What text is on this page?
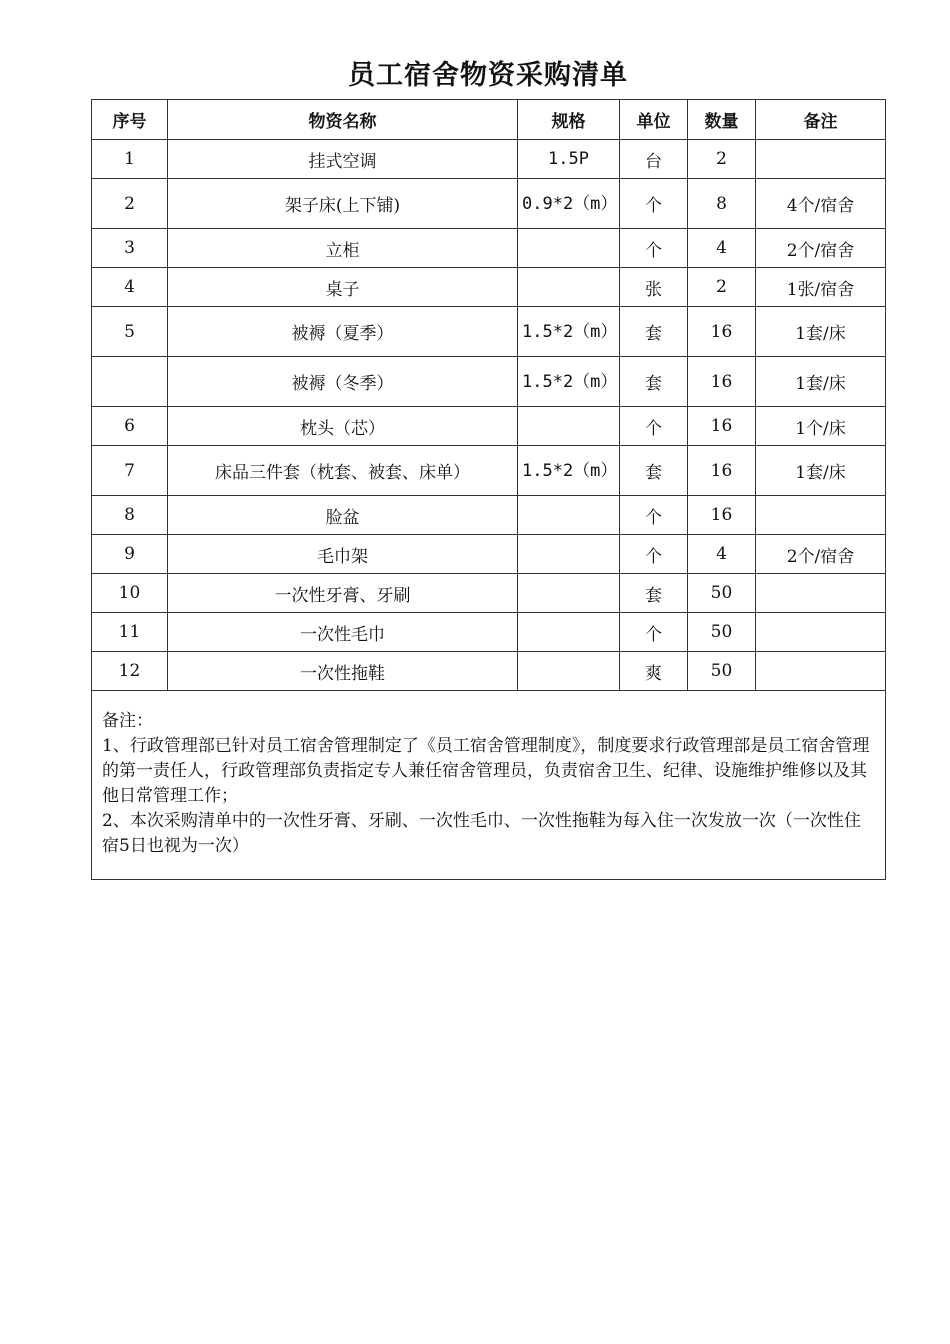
员工宿舍物资采购清单
序号	物资名称	规格	单位	数量	备注
1	挂式空调	1.5P	台	2	
2	架子床(上下铺)	0.9*2（m）	个	8	4个/宿舍
3	立柜		个	4	2个/宿舍
4	桌子		张	2	1张/宿舍
5	被褥（夏季）	1.5*2（m）	套	16	1套/床
	被褥（冬季）	1.5*2（m）	套	16	1套/床
6	枕头（芯）		个	16	1个/床
7	床品三件套（枕套、被套、床单）	1.5*2（m）	套	16	1套/床
8	脸盆		个	16	
9	毛巾架		个	4	2个/宿舍
10	一次性牙膏、牙刷		套	50	
11	一次性毛巾		个	50	
12	一次性拖鞋		爽	50	

备注：
1、行政管理部已针对员工宿舍管理制定了《员工宿舍管理制度》，制度要求行政管理部是员工宿舍管理的第一责任人，行政管理部负责指定专人兼任宿舍管理员，负责宿舍卫生、纪律、设施维护维修以及其他日常管理工作；
2、本次采购清单中的一次性牙膏、牙刷、一次性毛巾、一次性拖鞋为每入住一次发放一次（一次性住宿5日也视为一次）					
